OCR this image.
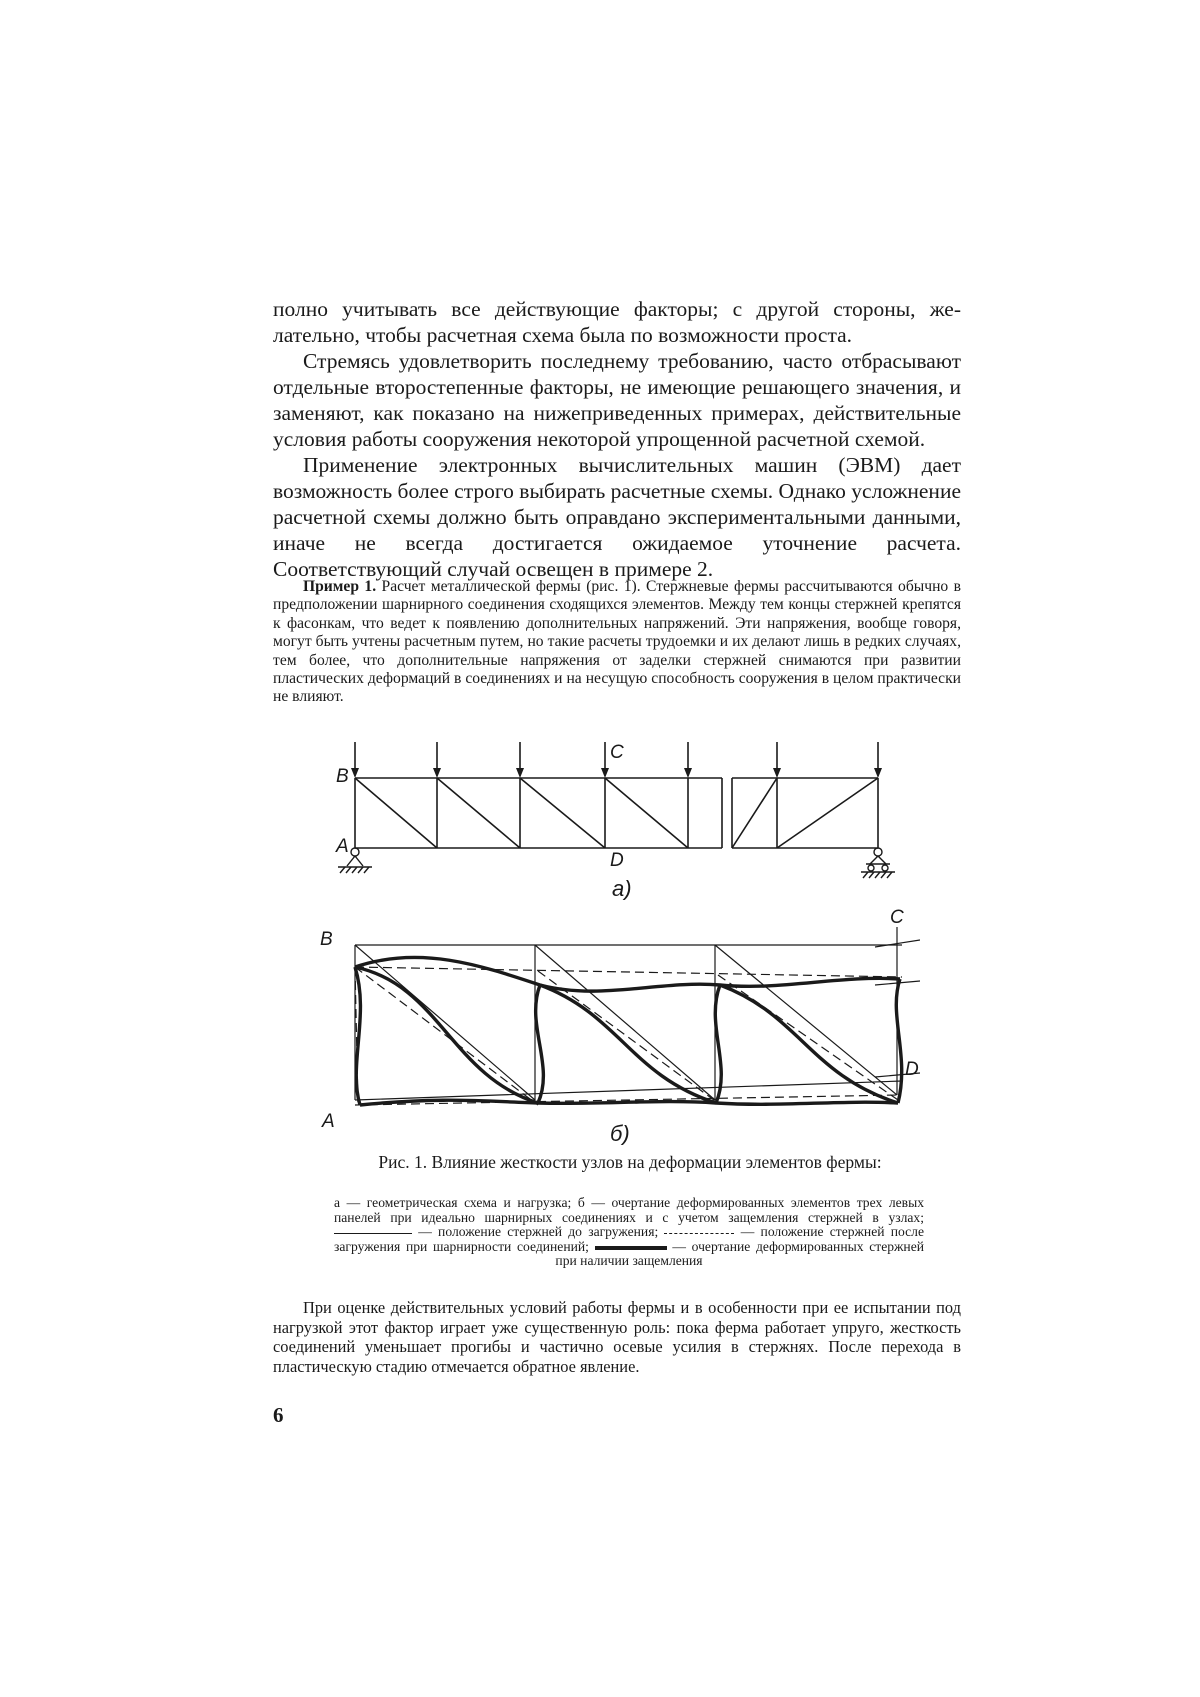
полно учитывать все действующие факторы; с другой стороны, желательно, чтобы расчетная схема была по возможности проста.

Стремясь удовлетворить последнему требованию, часто отбрасывают отдельные второстепенные факторы, не имеющие решающего значения, и заменяют, как показано на нижеприведенных примерах, действительные условия работы сооружения некоторой упрощенной расчетной схемой.

Применение электронных вычислительных машин (ЭВМ) дает возможность более строго выбирать расчетные схемы. Однако усложнение расчетной схемы должно быть оправдано экспериментальными данными, иначе не всегда достигается ожидаемое уточнение расчета. Соответствующий случай освещен в примере 2.

Пример 1. Расчет металлической фермы (рис. 1). Стержневые фермы рассчитываются обычно в предположении шарнирного соединения сходящихся элементов. Между тем концы стержней крепятся к фасонкам, что ведет к появлению дополнительных напряжений. Эти напряжения, вообще говоря, могут быть учтены расчетным путем, но такие расчеты трудоемки и их делают лишь в редких случаях, тем более, что дополнительные напряжения от заделки стержней снимаются при развитии пластических деформаций в соединениях и на несущую способность сооружения в целом практически не влияют.

B
C
A
D
а)
B
C
A
D
б)

Рис. 1. Влияние жесткости узлов на деформации элементов фермы:

а — геометрическая схема и нагрузка; б — очертание деформированных элементов трех левых панелей при идеально шарнирных соединениях и с учетом защемления стержней в узлах;  — положение стержней до загружения;	— положение стержней после загружения при шарнирности соединений;	— очертание деформированных стержней при наличии защемления

При оценке действительных условий работы фермы и в особенности при ее испытании под нагрузкой этот фактор играет уже существенную роль: пока ферма работает упруго, жесткость соединений уменьшает прогибы и частично осевые усилия в стержнях. После перехода в пластическую стадию отмечается обратное явление.

6
